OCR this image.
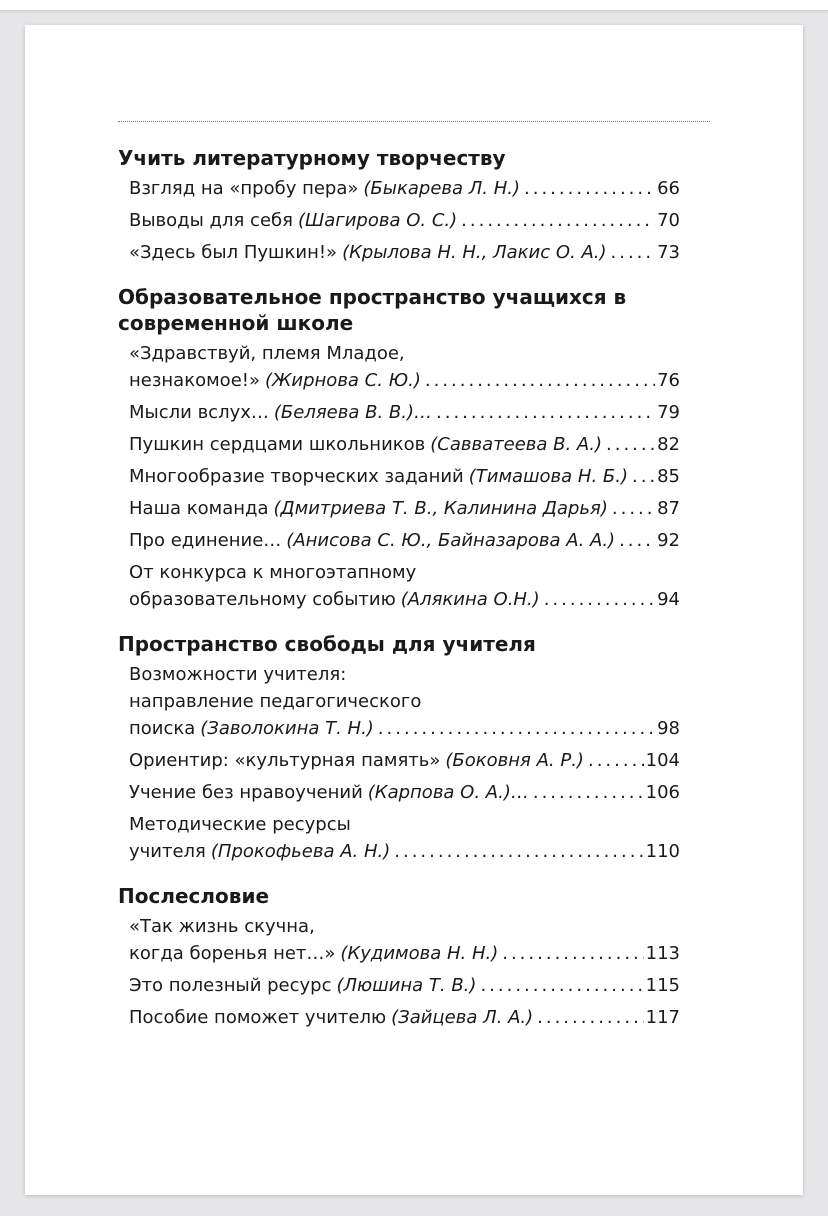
Учить литературному творчеству
Взгляд на «пробу пера» (Быкарева Л. Н.) .....	66
Выводы для себя (Шагирова О. С.) .....	70
«Здесь был Пушкин!» (Крылова Н. Н., Лакис О. А.) .....	73
Образовательное пространство учащихся в современной школе
«Здравствуй, племя Младое,
незнакомое!» (Жирнова С. Ю.) .....	76
Мысли вслух… (Беляева В. В.)… .....	79
Пушкин сердцами школьников (Савватеева В. А.) .....	82
Многообразие творческих заданий (Тимашова Н. Б.) ..... 85
Наша команда (Дмитриева Т. В., Калинина Дарья) .....	87
Про единение… (Анисова С. Ю., Байназарова А. А.) ..... 92
От конкурса к многоэтапному
образовательному событию (Алякина О.Н.) .....	94
Пространство свободы для учителя
Возможности учителя:
направление педагогического
поиска (Заволокина Т. Н.) .....	98
Ориентир: «культурная память» (Боковня А. Р.) .....	104
Учение без нравоучений (Карпова О. А.)… .....	106
Методические ресурсы
учителя (Прокофьева А. Н.) .....	110
Послесловие
«Так жизнь скучна,
когда боренья нет…» (Кудимова Н. Н.) .....	113
Это полезный ресурс (Люшина Т. В.) .....	115
Пособие поможет учителю (Зайцева Л. А.) .....	117
